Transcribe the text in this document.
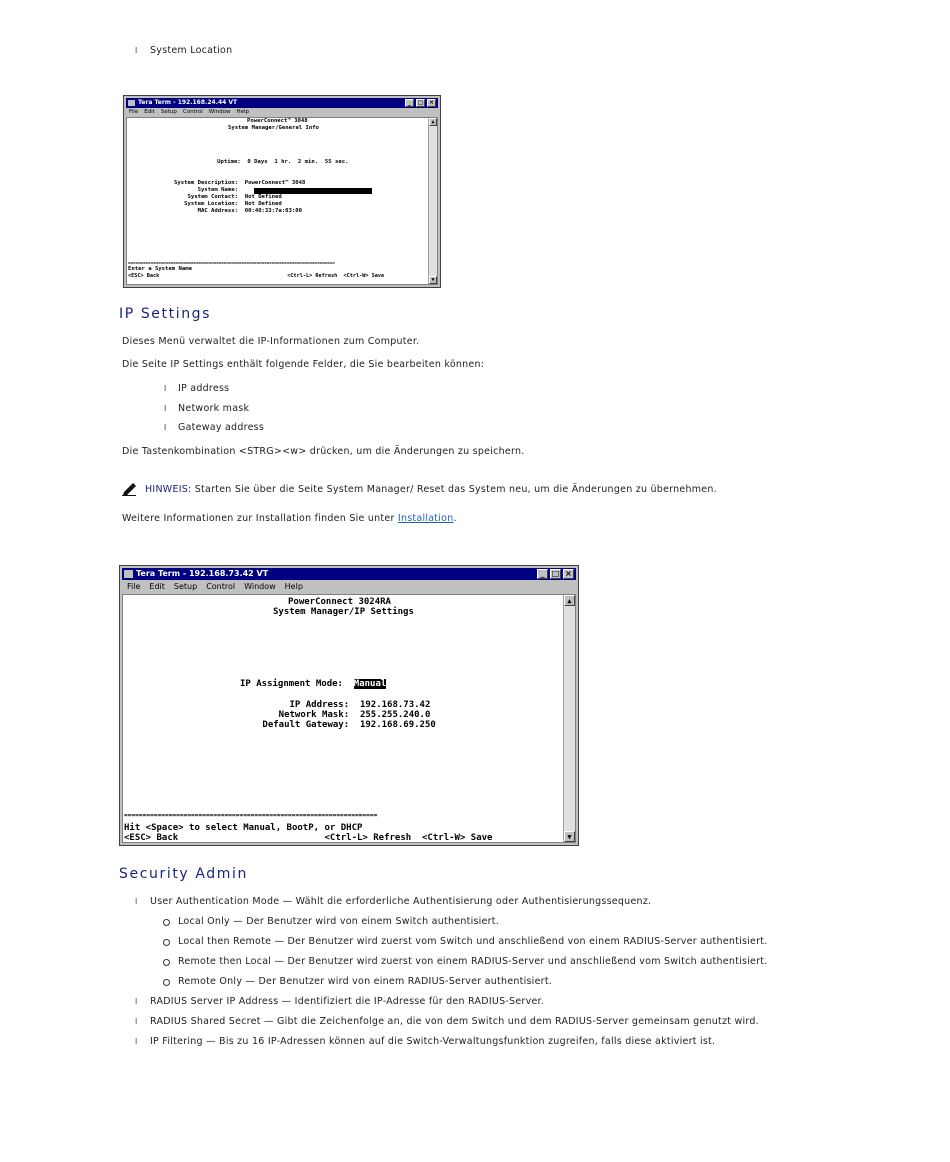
l System Location
Tera Term - 192.168.24.44 VT	_	□ ×
File Edit Setup Control Window Help
PowerConnect™ 3048
System Manager/General Info
Uptime:  0 Days  1 hr.  2 min.  55 sec.
System Description:  PowerConnect™ 3048
System Name:
System Contact:  Not Defined
System Location:  Not Defined
MAC Address:  00:40:33:7a:03:00
==================================================================================
Enter a System Name
<ESC> Back                                         <Ctrl-L> Refresh  <Ctrl-W> Save
▲
▼
IP Settings
Dieses Menü verwaltet die IP-Informationen zum Computer.
Die Seite IP Settings enthält folgende Felder, die Sie bearbeiten können:
l IP address
l Network mask
l Gateway address
Die Tastenkombination <STRG><w> drücken, um die Änderungen zu speichern.
HINWEIS: Starten Sie über die Seite System Manager/ Reset das System neu, um die Änderungen zu übernehmen.
Weitere Informationen zur Installation finden Sie unter Installation.
Tera Term - 192.168.73.42 VT	_ □ ×
File Edit Setup Control Window Help
PowerConnect 3024RA
System Manager/IP Settings
IP Assignment Mode:  Manual
IP Address:  192.168.73.42
Network Mask:  255.255.240.0
Default Gateway:  192.168.69.250
====================================================================
Hit <Space> to select Manual, BootP, or DHCP
<ESC> Back                           <Ctrl-L> Refresh  <Ctrl-W> Save
▲
▼
Security Admin
l User Authentication Mode — Wählt die erforderliche Authentisierung oder Authentisierungssequenz.
Local Only — Der Benutzer wird von einem Switch authentisiert.
Local then Remote — Der Benutzer wird zuerst vom Switch und anschließend von einem RADIUS-Server authentisiert.
Remote then Local — Der Benutzer wird zuerst von einem RADIUS-Server und anschließend vom Switch authentisiert.
Remote Only — Der Benutzer wird von einem RADIUS-Server authentisiert.
l RADIUS Server IP Address — Identifiziert die IP-Adresse für den RADIUS-Server.
l RADIUS Shared Secret — Gibt die Zeichenfolge an, die von dem Switch und dem RADIUS-Server gemeinsam genutzt wird.
l IP Filtering — Bis zu 16 IP-Adressen können auf die Switch-Verwaltungsfunktion zugreifen, falls diese aktiviert ist.
